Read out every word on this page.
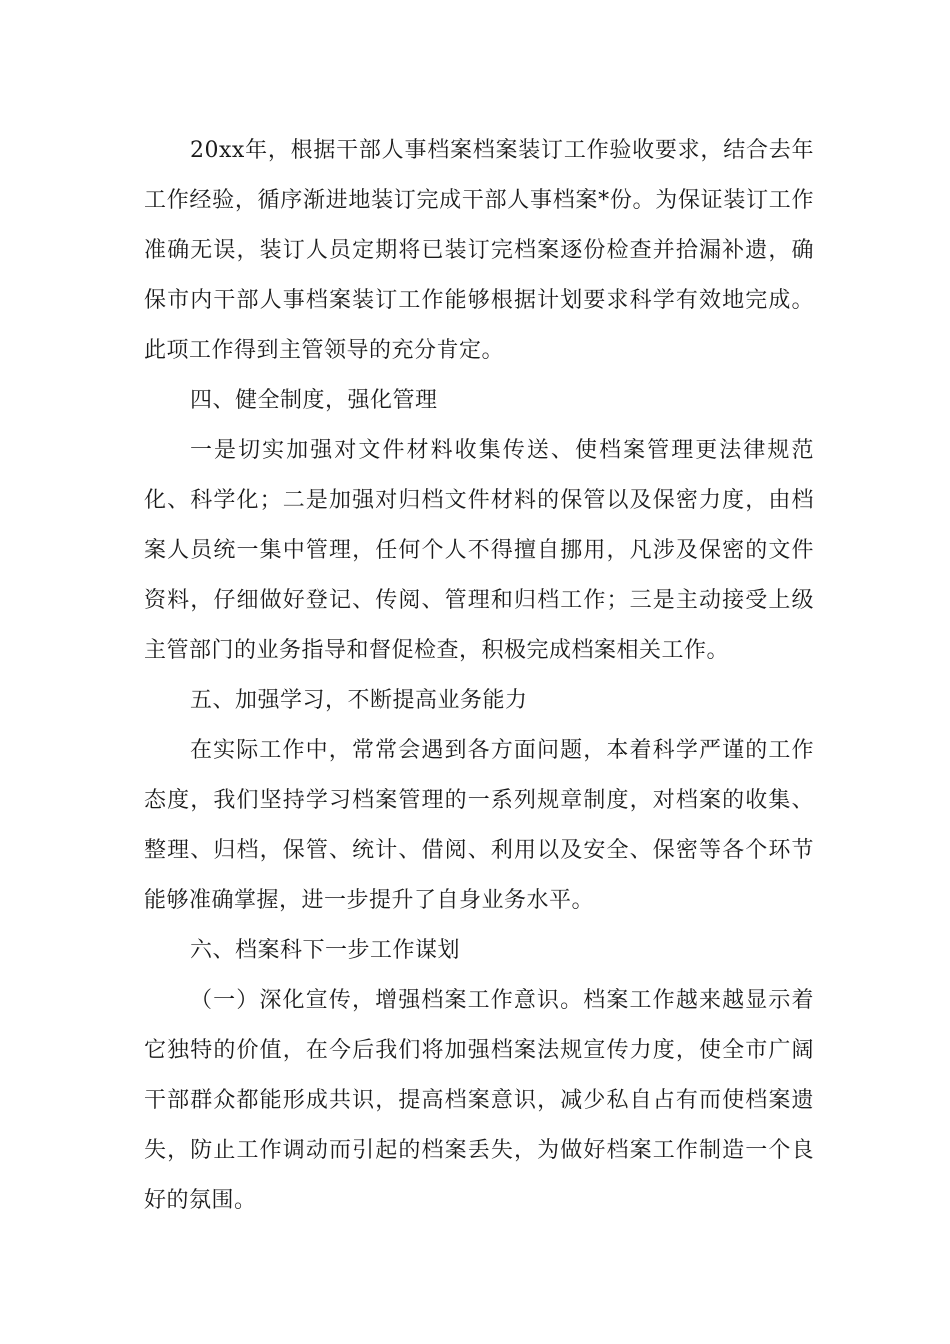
20xx年，根据干部人事档案档案装订工作验收要求，结合去年工作经验，循序渐进地装订完成干部人事档案*份。为保证装订工作准确无误，装订人员定期将已装订完档案逐份检查并拾漏补遗，确保市内干部人事档案装订工作能够根据计划要求科学有效地完成。此项工作得到主管领导的充分肯定。

四、健全制度，强化管理

一是切实加强对文件材料收集传送、使档案管理更法律规范化、科学化；二是加强对归档文件材料的保管以及保密力度，由档案人员统一集中管理，任何个人不得擅自挪用，凡涉及保密的文件资料，仔细做好登记、传阅、管理和归档工作；三是主动接受上级主管部门的业务指导和督促检查，积极完成档案相关工作。

五、加强学习，不断提高业务能力

在实际工作中，常常会遇到各方面问题，本着科学严谨的工作态度，我们坚持学习档案管理的一系列规章制度，对档案的收集、整理、归档，保管、统计、借阅、利用以及安全、保密等各个环节能够准确掌握，进一步提升了自身业务水平。

六、档案科下一步工作谋划

（一）深化宣传，增强档案工作意识。档案工作越来越显示着它独特的价值，在今后我们将加强档案法规宣传力度，使全市广阔干部群众都能形成共识，提高档案意识，减少私自占有而使档案遗失，防止工作调动而引起的档案丢失，为做好档案工作制造一个良好的氛围。
